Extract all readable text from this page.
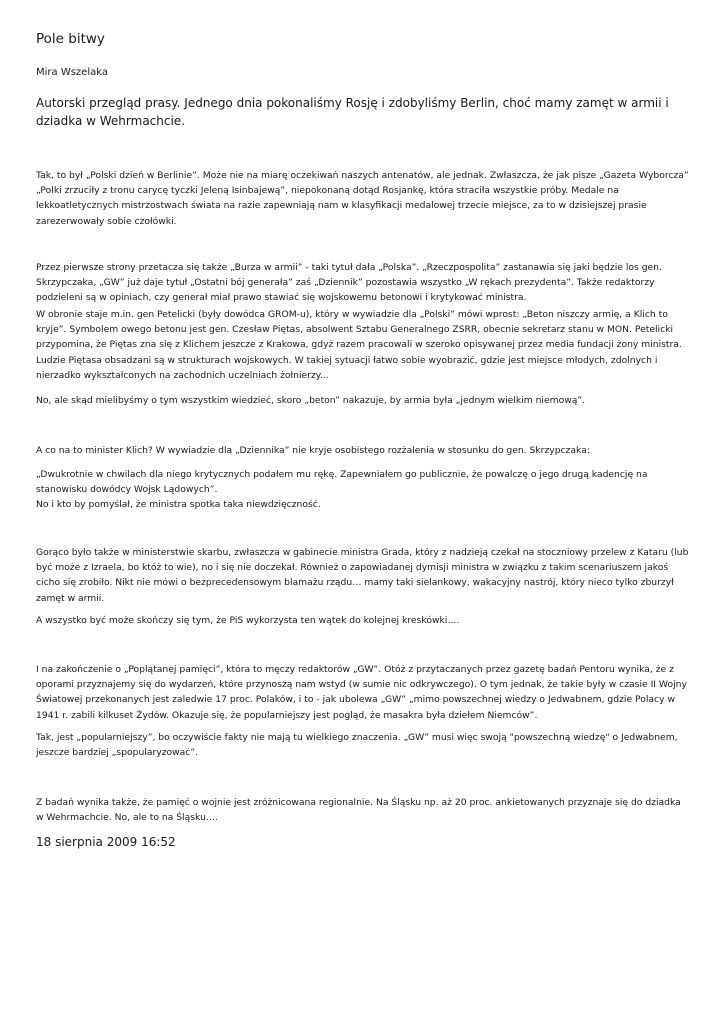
Pole bitwy
Mira Wszelaka
Autorski przegląd prasy. Jednego dnia pokonaliśmy Rosję i zdobyliśmy Berlin, choć mamy zamęt w armii i dziadka w Wehrmachcie.

Tak, to był „Polski dzień w Berlinie”. Może nie na miarę oczekiwań naszych antenatów, ale jednak. Zwłaszcza, że jak pisze „Gazeta Wyborcza” „Polki zrzuciły z tronu carycę tyczki Jeleną Isinbajewą”, niepokonaną dotąd Rosjankę, która straciła wszystkie próby. Medale na lekkoatletycznych mistrzostwach świata na razie zapewniają nam w klasyfikacji medalowej trzecie miejsce, za to w dzisiejszej prasie zarezerwowały sobie czołówki.

Przez pierwsze strony przetacza się także „Burza w armii” - taki tytuł dała „Polska”. „Rzeczpospolita” zastanawia się jaki będzie los gen. Skrzypczaka, „GW” już daje tytuł „Ostatni bój generała” zaś „Dziennik” pozostawia wszystko „W rękach prezydenta”. Także redaktorzy podzieleni są w opiniach, czy generał miał prawo stawiać się wojskowemu betonowi i krytykować ministra.

W obronie staje m.in. gen Petelicki (były dowódca GROM-u), który w wywiadzie dla „Polski” mówi wprost: „Beton niszczy armię, a Klich to kryje”. Symbolem owego betonu jest gen. Czesław Piętas, absolwent Sztabu Generalnego ZSRR, obecnie sekretarz stanu w MON. Petelicki przypomina, że Piętas zna się z Klichem jeszcze z Krakowa, gdyż razem pracowali w szeroko opisywanej przez media fundacji żony ministra. Ludzie Piętasa obsadzani są w strukturach wojskowych. W takiej sytuacji łatwo sobie wyobrazić, gdzie jest miejsce młodych, zdolnych i nierzadko wykształconych na zachodnich uczelniach żołnierzy...

No, ale skąd mielibyśmy o tym wszystkim wiedzieć, skoro „beton” nakazuje, by armia była „jednym wielkim niemową”.

A co na to minister Klich? W wywiadzie dla „Dziennika” nie kryje osobistego rozżalenia w stosunku do gen. Skrzypczaka:

„Dwukrotnie w chwilach dla niego krytycznych podałem mu rękę. Zapewniałem go publicznie, że powalczę o jego drugą kadencję na stanowisku dowódcy Wojsk Lądowych”.

No i kto by pomyślał, że ministra spotka taka niewdzięczność.

Gorąco było także w ministerstwie skarbu, zwłaszcza w gabinecie ministra Grada, który z nadzieją czekał na stoczniowy przelew z Kataru (lub być może z Izraela, bo któż to wie), no i się nie doczekał. Również o zapowiadanej dymisji ministra w związku z takim scenariuszem jakoś cicho się zrobiło. Nikt nie mówi o bezprecedensowym blamażu rządu… mamy taki sielankowy, wakacyjny nastrój, który nieco tylko zburzył zamęt w armii.

A wszystko być może skończy się tym, że PiS wykorzysta ten wątek do kolejnej kreskówki….

I na zakończenie o „Poplątanej pamięci”, która to męczy redaktorów „GW”. Otóż z przytaczanych przez gazetę badań Pentoru wynika, że z oporami przyznajemy się do wydarzeń, które przynoszą nam wstyd (w sumie nic odkrywczego). O tym jednak, że takie były w czasie II Wojny Światowej przekonanych jest zaledwie 17 proc. Polaków, i to - jak ubolewa „GW” „mimo powszechnej wiedzy o Jedwabnem, gdzie Polacy w 1941 r. zabili kilkuset Żydów. Okazuje się, że popularniejszy jest pogląd, że masakra była dziełem Niemców”.

Tak, jest „popularniejszy”, bo oczywiście fakty nie mają tu wielkiego znaczenia. „GW” musi więc swoją "powszechną wiedzę" o Jedwabnem, jeszcze bardziej „spopularyzować”.

Z badań wynika także, że pamięć o wojnie jest zróżnicowana regionalnie. Na Śląsku np. aż 20 proc. ankietowanych przyznaje się do dziadka w Wehrmachcie. No, ale to na Śląsku….

18 sierpnia 2009 16:52
